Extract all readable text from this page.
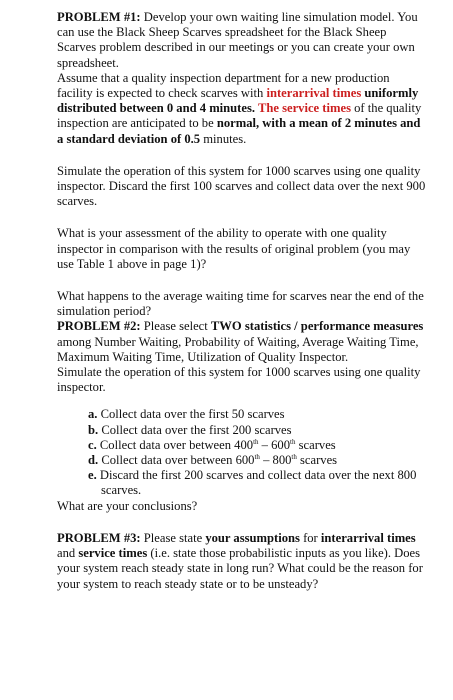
PROBLEM #1: Develop your own waiting line simulation model. You can use the Black Sheep Scarves spreadsheet for the Black Sheep Scarves problem described in our meetings or you can create your own spreadsheet.

Assume that a quality inspection department for a new production facility is expected to check scarves with interarrival times uniformly distributed between 0 and 4 minutes. The service times of the quality inspection are anticipated to be normal, with a mean of 2 minutes and a standard deviation of 0.5 minutes.

Simulate the operation of this system for 1000 scarves using one quality inspector. Discard the first 100 scarves and collect data over the next 900 scarves.

What is your assessment of the ability to operate with one quality inspector in comparison with the results of original problem (you may use Table 1 above in page 1)?

What happens to the average waiting time for scarves near the end of the simulation period?

PROBLEM #2: Please select TWO statistics / performance measures among Number Waiting, Probability of Waiting, Average Waiting Time, Maximum Waiting Time, Utilization of Quality Inspector.

Simulate the operation of this system for 1000 scarves using one quality inspector.

a. Collect data over the first 50 scarves
b. Collect data over the first 200 scarves
c. Collect data over between 400th – 600th scarves
d. Collect data over between 600th – 800th scarves
e. Discard the first 200 scarves and collect data over the next 800 scarves.

What are your conclusions?

PROBLEM #3: Please state your assumptions for interarrival times and service times (i.e. state those probabilistic inputs as you like). Does your system reach steady state in long run? What could be the reason for your system to reach steady state or to be unsteady?
